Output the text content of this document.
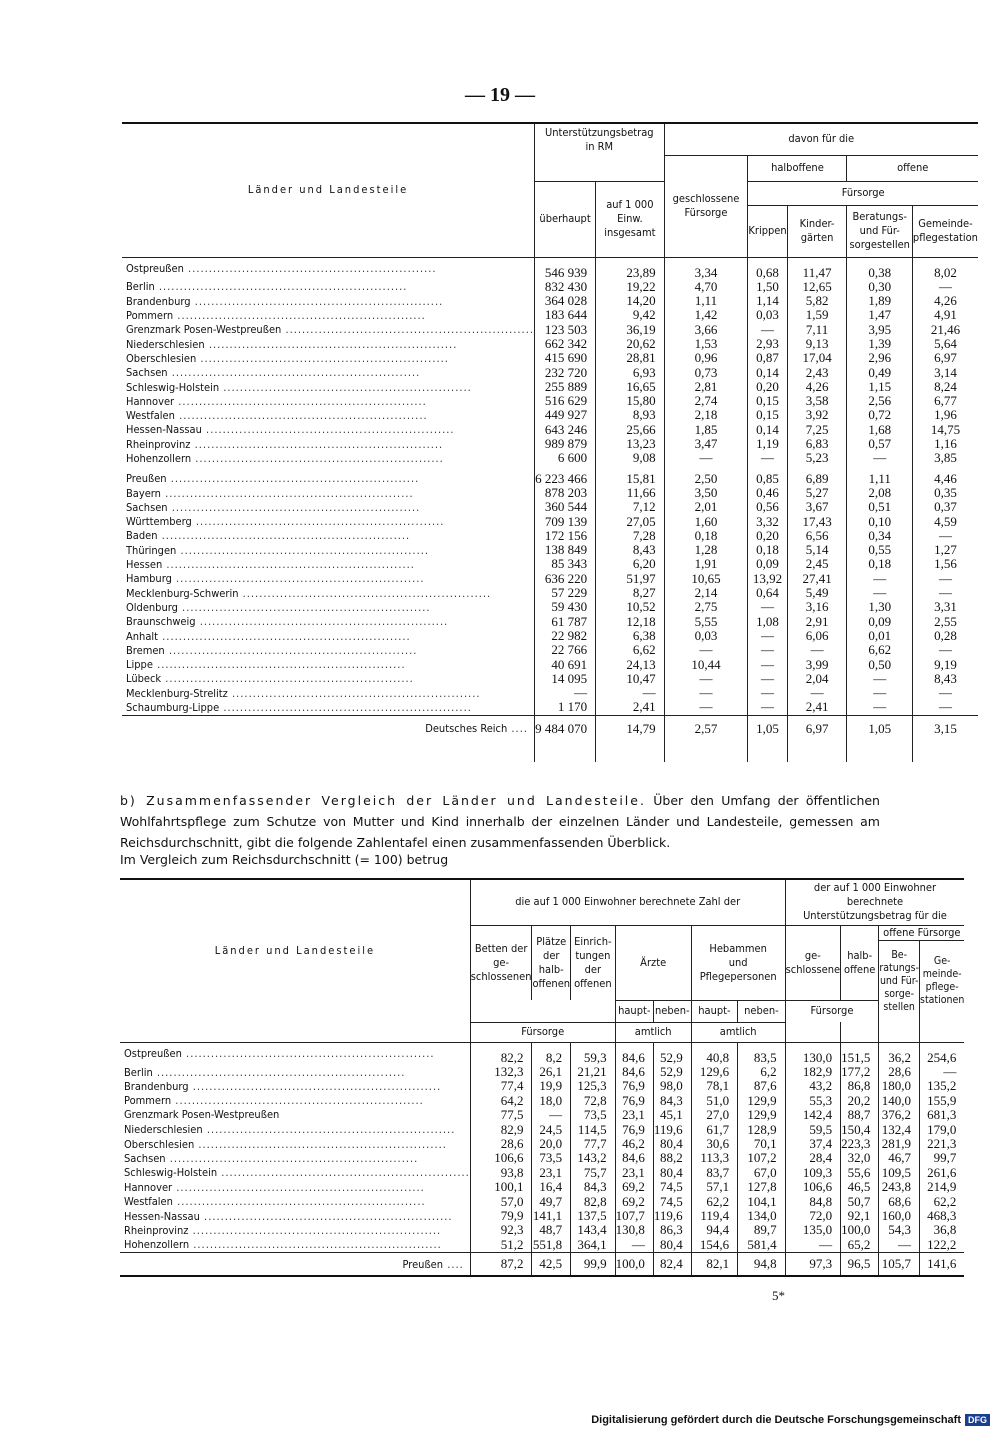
— 19 —
Länder und Landesteile	Unterstützungsbetrag in RM		davon für die				
			geschlossene Fürsorge	halboffene		offene	
	überhaupt	auf 1 000 Einw. insgesamt		Fürsorge			
				Krippen	Kinder- gärten	Beratungs- und Für- sorgestellen	Gemeinde- pflegestation
Ostpreußen ............................................................	546 939	23,89	3,34	0,68	11,47	0,38	8,02
Berlin ............................................................	832 430	19,22	4,70	1,50	12,65	0,30	—
Brandenburg ............................................................	364 028	14,20	1,11	1,14	5,82	1,89	4,26
Pommern ............................................................	183 644	9,42	1,42	0,03	1,59	1,47	4,91
Grenzmark Posen-Westpreußen ............................................................	123 503	36,19	3,66	—	7,11	3,95	21,46
Niederschlesien ............................................................	662 342	20,62	1,53	2,93	9,13	1,39	5,64
Oberschlesien ............................................................	415 690	28,81	0,96	0,87	17,04	2,96	6,97
Sachsen ............................................................	232 720	6,93	0,73	0,14	2,43	0,49	3,14
Schleswig-Holstein ............................................................	255 889	16,65	2,81	0,20	4,26	1,15	8,24
Hannover ............................................................	516 629	15,80	2,74	0,15	3,58	2,56	6,77
Westfalen ............................................................	449 927	8,93	2,18	0,15	3,92	0,72	1,96
Hessen-Nassau ............................................................	643 246	25,66	1,85	0,14	7,25	1,68	14,75
Rheinprovinz ............................................................	989 879	13,23	3,47	1,19	6,83	0,57	1,16
Hohenzollern ............................................................	6 600	9,08	—	—	5,23	—	3,85

Preußen ............................................................	6 223 466	15,81	2,50	0,85	6,89	1,11	4,46
Bayern ............................................................	878 203	11,66	3,50	0,46	5,27	2,08	0,35
Sachsen ............................................................	360 544	7,12	2,01	0,56	3,67	0,51	0,37
Württemberg ............................................................	709 139	27,05	1,60	3,32	17,43	0,10	4,59
Baden ............................................................	172 156	7,28	0,18	0,20	6,56	0,34	—
Thüringen ............................................................	138 849	8,43	1,28	0,18	5,14	0,55	1,27
Hessen ............................................................	85 343	6,20	1,91	0,09	2,45	0,18	1,56
Hamburg ............................................................	636 220	51,97	10,65	13,92	27,41	—	—
Mecklenburg-Schwerin ............................................................	57 229	8,27	2,14	0,64	5,49	—	—
Oldenburg ............................................................	59 430	10,52	2,75	—	3,16	1,30	3,31
Braunschweig ............................................................	61 787	12,18	5,55	1,08	2,91	0,09	2,55
Anhalt ............................................................	22 982	6,38	0,03	—	6,06	0,01	0,28
Bremen ............................................................	22 766	6,62	—	—	—	6,62	—
Lippe ............................................................	40 691	24,13	10,44	—	3,99	0,50	9,19
Lübeck ............................................................	14 095	10,47	—	—	2,04	—	8,43
Mecklenburg-Strelitz ............................................................	—	—	—	—	—	—	—
Schaumburg-Lippe ............................................................	1 170	2,41	—	—	2,41	—	—
Deutsches Reich ....	9 484 070	14,79	2,57	1,05	6,97	1,05	3,15

b) Zusammenfassender Vergleich der Länder und Landesteile. Über den Umfang der öffentlichen Wohlfahrtspflege zum Schutze von Mutter und Kind innerhalb der einzelnen Länder und Landesteile, gemessen am Reichsdurchschnitt, gibt die folgende Zahlentafel einen zusammenfassenden Überblick.
Im Vergleich zum Reichsdurchschnitt (= 100) betrug
Länder und Landesteile	die auf 1 000 Einwohner berechnete Zahl der							der auf 1 000 Einwohner berechnete Unterstützungsbetrag für die			
	Betten der ge- schlossenen	Plätze der halb- offenen	Einrich- tungen der offenen	Ärzte		Hebammen und Pflegepersonen		ge- schlossene	halb- offene	offene Fürsorge	
										Be- ratungs- und Für- sorge- stellen	Ge- meinde- pflege- stationen
				haupt-	neben-	haupt-	neben-	Fürsorge			
	Fürsorge			amtlich		amtlich					
Ostpreußen ............................................................	82,2	8,2	59,3	84,6	52,9	40,8	83,5	130,0	151,5	36,2	254,6
Berlin ............................................................	132,3	26,1	21,21	84,6	52,9	129,6	6,2	182,9	177,2	28,6	—
Brandenburg ............................................................	77,4	19,9	125,3	76,9	98,0	78,1	87,6	43,2	86,8	180,0	135,2
Pommern ............................................................	64,2	18,0	72,8	76,9	84,3	51,0	129,9	55,3	20,2	140,0	155,9
Grenzmark Posen-Westpreußen	77,5	—	73,5	23,1	45,1	27,0	129,9	142,4	88,7	376,2	681,3
Niederschlesien ............................................................	82,9	24,5	114,5	76,9	119,6	61,7	128,9	59,5	150,4	132,4	179,0
Oberschlesien ............................................................	28,6	20,0	77,7	46,2	80,4	30,6	70,1	37,4	223,3	281,9	221,3
Sachsen ............................................................	106,6	73,5	143,2	84,6	88,2	113,3	107,2	28,4	32,0	46,7	99,7
Schleswig-Holstein ............................................................	93,8	23,1	75,7	23,1	80,4	83,7	67,0	109,3	55,6	109,5	261,6
Hannover ............................................................	100,1	16,4	84,3	69,2	74,5	57,1	127,8	106,6	46,5	243,8	214,9
Westfalen ............................................................	57,0	49,7	82,8	69,2	74,5	62,2	104,1	84,8	50,7	68,6	62,2
Hessen-Nassau ............................................................	79,9	141,1	137,5	107,7	119,6	119,4	134,0	72,0	92,1	160,0	468,3
Rheinprovinz ............................................................	92,3	48,7	143,4	130,8	86,3	94,4	89,7	135,0	100,0	54,3	36,8
Hohenzollern ............................................................	51,2	551,8	364,1	—	80,4	154,6	581,4	—	65,2	—	122,2
Preußen ....	87,2	42,5	99,9	100,0	82,4	82,1	94,8	97,3	96,5	105,7	141,6
5*
Digitalisierung gefördert durch die Deutsche Forschungsgemeinschaft DFG
